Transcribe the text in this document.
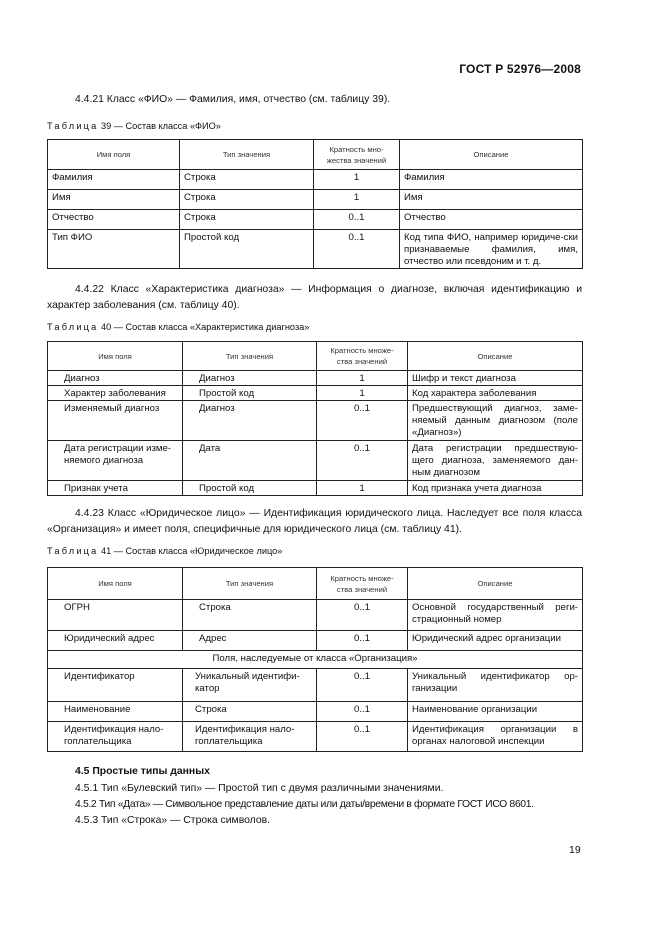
ГОСТ Р 52976—2008
4.4.21 Класс «ФИО» — Фамилия, имя, отчество (см. таблицу 39).
Таблица 39 — Состав класса «ФИО»
Имя поля	Тип значения	Кратность мно-жества значений	Описание
Фамилия	Строка	1	Фамилия
Имя	Строка	1	Имя
Отчество	Строка	0..1	Отчество
Тип ФИО	Простой код	0..1	Код типа ФИО, например юридиче-ски признаваемые фамилия, имя, отчество или псевдоним и т. д.
4.4.22 Класс «Характеристика диагноза» — Информация о диагнозе, включая идентификацию и характер заболевания (см. таблицу 40).
Таблица 40 — Состав класса «Характеристика диагноза»
Имя поля	Тип значения	Кратность множе-ства значений	Описание
Диагноз	Диагноз	1	Шифр и текст диагноза
Характер заболевания	Простой код	1	Код характера заболевания
Изменяемый диагноз	Диагноз	0..1	Предшествующий диагноз, заме-няемый данным диагнозом (поле «Диагноз»)
Дата регистрации изме-няемого диагноза	Дата	0..1	Дата регистрации предшествую-щего диагноза, заменяемого дан-ным диагнозом
Признак учета	Простой код	1	Код признака учета диагноза
4.4.23 Класс «Юридическое лицо» — Идентификация юридического лица. Наследует все поля класса «Организация» и имеет поля, специфичные для юридического лица (см. таблицу 41).
Таблица 41 — Состав класса «Юридическое лицо»
Имя поля	Тип значения	Кратность множе-ства значений	Описание
ОГРН	Строка	0..1	Основной государственный реги-страционный номер
Юридический адрес	Адрес	0..1	Юридический адрес организации
Поля, наследуемые от класса «Организация»			
Идентификатор	Уникальный идентифи-катор	0..1	Уникальный идентификатор ор-ганизации
Наименование	Строка	0..1	Наименование организации
Идентификация нало-гоплательщика	Идентификация нало-гоплательщика	0..1	Идентификация организации в органах налоговой инспекции
4.5 Простые типы данных
4.5.1 Тип «Булевский тип» — Простой тип с двумя различными значениями.
4.5.2 Тип «Дата» — Символьное представление даты или даты/времени в формате ГОСТ ИСО 8601.
4.5.3 Тип «Строка» — Строка символов.
19
